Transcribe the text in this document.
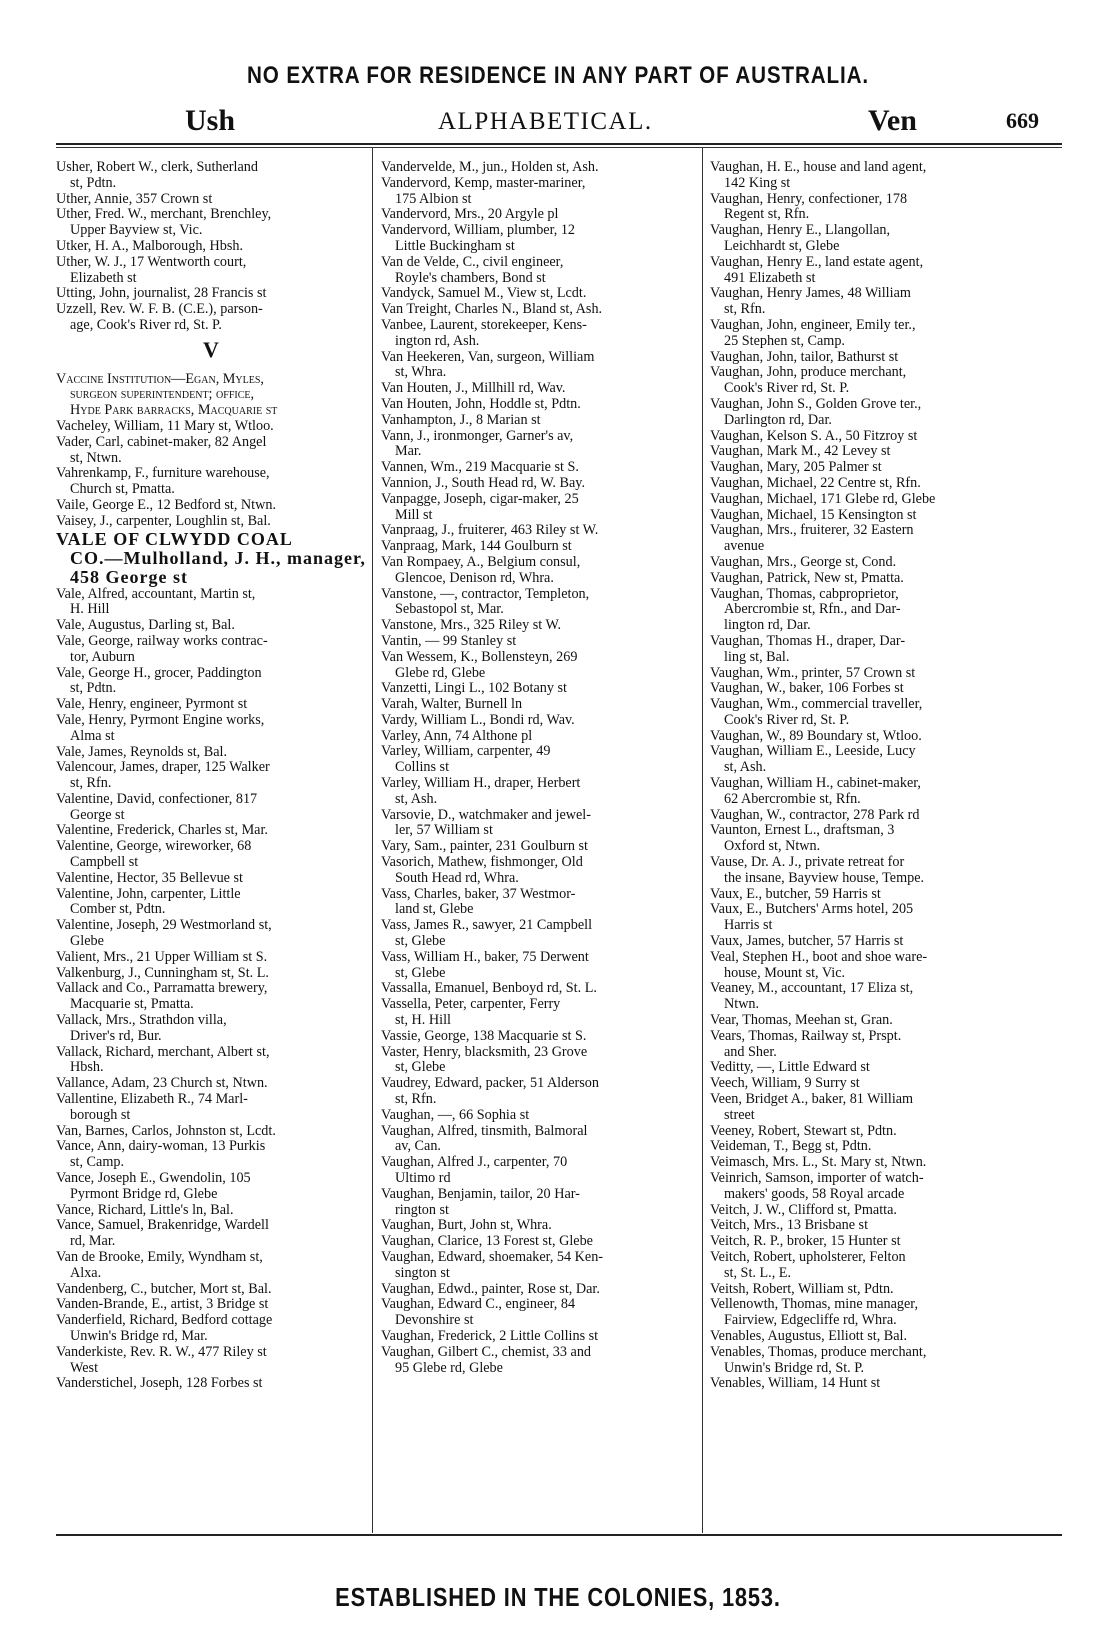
NO EXTRA FOR RESIDENCE IN ANY PART OF AUSTRALIA.
Ush	ALPHABETICAL.	Ven	669
Usher, Robert W., clerk, Sutherland
st, Pdtn.
Uther, Annie, 357 Crown st
Uther, Fred. W., merchant, Brenchley,
Upper Bayview st, Vic.
Utker, H. A., Malborough, Hbsh.
Uther, W. J., 17 Wentworth court,
Elizabeth st
Utting, John, journalist, 28 Francis st
Uzzell, Rev. W. F. B. (C.E.), parson-
age, Cook's River rd, St. P.
V
Vaccine Institution—Egan, Myles,
surgeon superintendent; office,
Hyde Park barracks, Macquarie st
Vacheley, William, 11 Mary st, Wtloo.
Vader, Carl, cabinet-maker, 82 Angel
st, Ntwn.
Vahrenkamp, F., furniture warehouse,
Church st, Pmatta.
Vaile, George E., 12 Bedford st, Ntwn.
Vaisey, J., carpenter, Loughlin st, Bal.
VALE OF CLWYDD COAL
CO.—Mulholland, J. H., manager,
458 George st
Vale, Alfred, accountant, Martin st,
H. Hill
Vale, Augustus, Darling st, Bal.
Vale, George, railway works contrac-
tor, Auburn
Vale, George H., grocer, Paddington
st, Pdtn.
Vale, Henry, engineer, Pyrmont st
Vale, Henry, Pyrmont Engine works,
Alma st
Vale, James, Reynolds st, Bal.
Valencour, James, draper, 125 Walker
st, Rfn.
Valentine, David, confectioner, 817
George st
Valentine, Frederick, Charles st, Mar.
Valentine, George, wireworker, 68
Campbell st
Valentine, Hector, 35 Bellevue st
Valentine, John, carpenter, Little
Comber st, Pdtn.
Valentine, Joseph, 29 Westmorland st,
Glebe
Valient, Mrs., 21 Upper William st S.
Valkenburg, J., Cunningham st, St. L.
Vallack and Co., Parramatta brewery,
Macquarie st, Pmatta.
Vallack, Mrs., Strathdon villa,
Driver's rd, Bur.
Vallack, Richard, merchant, Albert st,
Hbsh.
Vallance, Adam, 23 Church st, Ntwn.
Vallentine, Elizabeth R., 74 Marl-
borough st
Van, Barnes, Carlos, Johnston st, Lcdt.
Vance, Ann, dairy-woman, 13 Purkis
st, Camp.
Vance, Joseph E., Gwendolin, 105
Pyrmont Bridge rd, Glebe
Vance, Richard, Little's ln, Bal.
Vance, Samuel, Brakenridge, Wardell
rd, Mar.
Van de Brooke, Emily, Wyndham st,
Alxa.
Vandenberg, C., butcher, Mort st, Bal.
Vanden-Brande, E., artist, 3 Bridge st
Vanderfield, Richard, Bedford cottage
Unwin's Bridge rd, Mar.
Vanderkiste, Rev. R. W., 477 Riley st
West
Vanderstichel, Joseph, 128 Forbes st
Vandervelde, M., jun., Holden st, Ash.
Vandervord, Kemp, master-mariner,
175 Albion st
Vandervord, Mrs., 20 Argyle pl
Vandervord, William, plumber, 12
Little Buckingham st
Van de Velde, C., civil engineer,
Royle's chambers, Bond st
Vandyck, Samuel M., View st, Lcdt.
Van Treight, Charles N., Bland st, Ash.
Vanbee, Laurent, storekeeper, Kens-
ington rd, Ash.
Van Heekeren, Van, surgeon, William
st, Whra.
Van Houten, J., Millhill rd, Wav.
Van Houten, John, Hoddle st, Pdtn.
Vanhampton, J., 8 Marian st
Vann, J., ironmonger, Garner's av,
Mar.
Vannen, Wm., 219 Macquarie st S.
Vannion, J., South Head rd, W. Bay.
Vanpagge, Joseph, cigar-maker, 25
Mill st
Vanpraag, J., fruiterer, 463 Riley st W.
Vanpraag, Mark, 144 Goulburn st
Van Rompaey, A., Belgium consul,
Glencoe, Denison rd, Whra.
Vanstone, —, contractor, Templeton,
Sebastopol st, Mar.
Vanstone, Mrs., 325 Riley st W.
Vantin, — 99 Stanley st
Van Wessem, K., Bollensteyn, 269
Glebe rd, Glebe
Vanzetti, Lingi L., 102 Botany st
Varah, Walter, Burnell ln
Vardy, William L., Bondi rd, Wav.
Varley, Ann, 74 Althone pl
Varley, William, carpenter, 49
Collins st
Varley, William H., draper, Herbert
st, Ash.
Varsovie, D., watchmaker and jewel-
ler, 57 William st
Vary, Sam., painter, 231 Goulburn st
Vasorich, Mathew, fishmonger, Old
South Head rd, Whra.
Vass, Charles, baker, 37 Westmor-
land st, Glebe
Vass, James R., sawyer, 21 Campbell
st, Glebe
Vass, William H., baker, 75 Derwent
st, Glebe
Vassalla, Emanuel, Benboyd rd, St. L.
Vassella, Peter, carpenter, Ferry
st, H. Hill
Vassie, George, 138 Macquarie st S.
Vaster, Henry, blacksmith, 23 Grove
st, Glebe
Vaudrey, Edward, packer, 51 Alderson
st, Rfn.
Vaughan, —, 66 Sophia st
Vaughan, Alfred, tinsmith, Balmoral
av, Can.
Vaughan, Alfred J., carpenter, 70
Ultimo rd
Vaughan, Benjamin, tailor, 20 Har-
rington st
Vaughan, Burt, John st, Whra.
Vaughan, Clarice, 13 Forest st, Glebe
Vaughan, Edward, shoemaker, 54 Ken-
sington st
Vaughan, Edwd., painter, Rose st, Dar.
Vaughan, Edward C., engineer, 84
Devonshire st
Vaughan, Frederick, 2 Little Collins st
Vaughan, Gilbert C., chemist, 33 and
95 Glebe rd, Glebe
Vaughan, H. E., house and land agent,
142 King st
Vaughan, Henry, confectioner, 178
Regent st, Rfn.
Vaughan, Henry E., Llangollan,
Leichhardt st, Glebe
Vaughan, Henry E., land estate agent,
491 Elizabeth st
Vaughan, Henry James, 48 William
st, Rfn.
Vaughan, John, engineer, Emily ter.,
25 Stephen st, Camp.
Vaughan, John, tailor, Bathurst st
Vaughan, John, produce merchant,
Cook's River rd, St. P.
Vaughan, John S., Golden Grove ter.,
Darlington rd, Dar.
Vaughan, Kelson S. A., 50 Fitzroy st
Vaughan, Mark M., 42 Levey st
Vaughan, Mary, 205 Palmer st
Vaughan, Michael, 22 Centre st, Rfn.
Vaughan, Michael, 171 Glebe rd, Glebe
Vaughan, Michael, 15 Kensington st
Vaughan, Mrs., fruiterer, 32 Eastern
avenue
Vaughan, Mrs., George st, Cond.
Vaughan, Patrick, New st, Pmatta.
Vaughan, Thomas, cabproprietor,
Abercrombie st, Rfn., and Dar-
lington rd, Dar.
Vaughan, Thomas H., draper, Dar-
ling st, Bal.
Vaughan, Wm., printer, 57 Crown st
Vaughan, W., baker, 106 Forbes st
Vaughan, Wm., commercial traveller,
Cook's River rd, St. P.
Vaughan, W., 89 Boundary st, Wtloo.
Vaughan, William E., Leeside, Lucy
st, Ash.
Vaughan, William H., cabinet-maker,
62 Abercrombie st, Rfn.
Vaughan, W., contractor, 278 Park rd
Vaunton, Ernest L., draftsman, 3
Oxford st, Ntwn.
Vause, Dr. A. J., private retreat for
the insane, Bayview house, Tempe.
Vaux, E., butcher, 59 Harris st
Vaux, E., Butchers' Arms hotel, 205
Harris st
Vaux, James, butcher, 57 Harris st
Veal, Stephen H., boot and shoe ware-
house, Mount st, Vic.
Veaney, M., accountant, 17 Eliza st,
Ntwn.
Vear, Thomas, Meehan st, Gran.
Vears, Thomas, Railway st, Prspt.
and Sher.
Veditty, —, Little Edward st
Veech, William, 9 Surry st
Veen, Bridget A., baker, 81 William
street
Veeney, Robert, Stewart st, Pdtn.
Veideman, T., Begg st, Pdtn.
Veimasch, Mrs. L., St. Mary st, Ntwn.
Veinrich, Samson, importer of watch-
makers' goods, 58 Royal arcade
Veitch, J. W., Clifford st, Pmatta.
Veitch, Mrs., 13 Brisbane st
Veitch, R. P., broker, 15 Hunter st
Veitch, Robert, upholsterer, Felton
st, St. L., E.
Veitsh, Robert, William st, Pdtn.
Vellenowth, Thomas, mine manager,
Fairview, Edgecliffe rd, Whra.
Venables, Augustus, Elliott st, Bal.
Venables, Thomas, produce merchant,
Unwin's Bridge rd, St. P.
Venables, William, 14 Hunt st
ESTABLISHED IN THE COLONIES, 1853.
